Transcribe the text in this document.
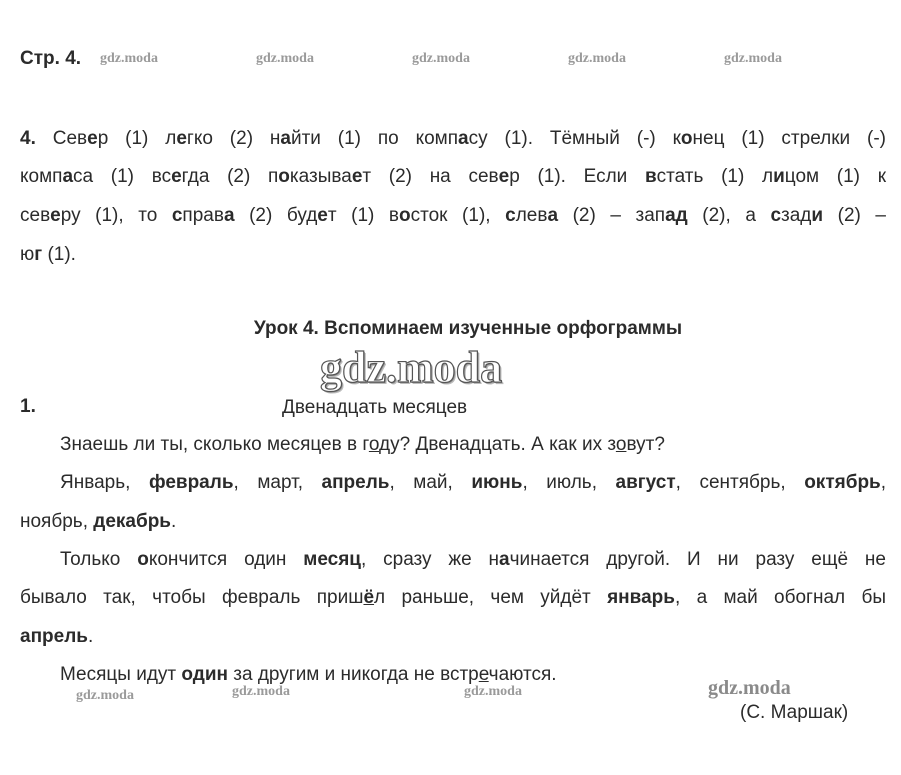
Стр. 4. gdz.moda	gdz.moda	gdz.moda	gdz.moda	gdz.moda
4. Север (1) легко (2) найти (1) по компасу (1). Тёмный (-) конец (1) стрелки (-)
компаса (1) всегда (2) показывает (2) на север (1). Если встать (1) лицом (1) к
северу (1), то справа (2) будет (1) восток (1), слева (2) – запад (2), а сзади (2) –
юг (1).
Урок 4. Вспоминаем изученные орфограммы
gdz.moda
1.	Двенадцать месяцев
Знаешь ли ты, сколько месяцев в году? Двенадцать. А как их зовут?
Январь, февраль, март, апрель, май, июнь, июль, август, сентябрь, октябрь,
ноябрь, декабрь.
Только окончится один месяц, сразу же начинается другой. И ни разу ещё не
бывало так, чтобы февраль пришёл раньше, чем уйдёт январь, а май обогнал бы
апрель.
Месяцы идут один за другим и никогда не встречаются.
gdz.moda	gdz.moda	gdz.moda	gdz.moda
(С. Маршак)
